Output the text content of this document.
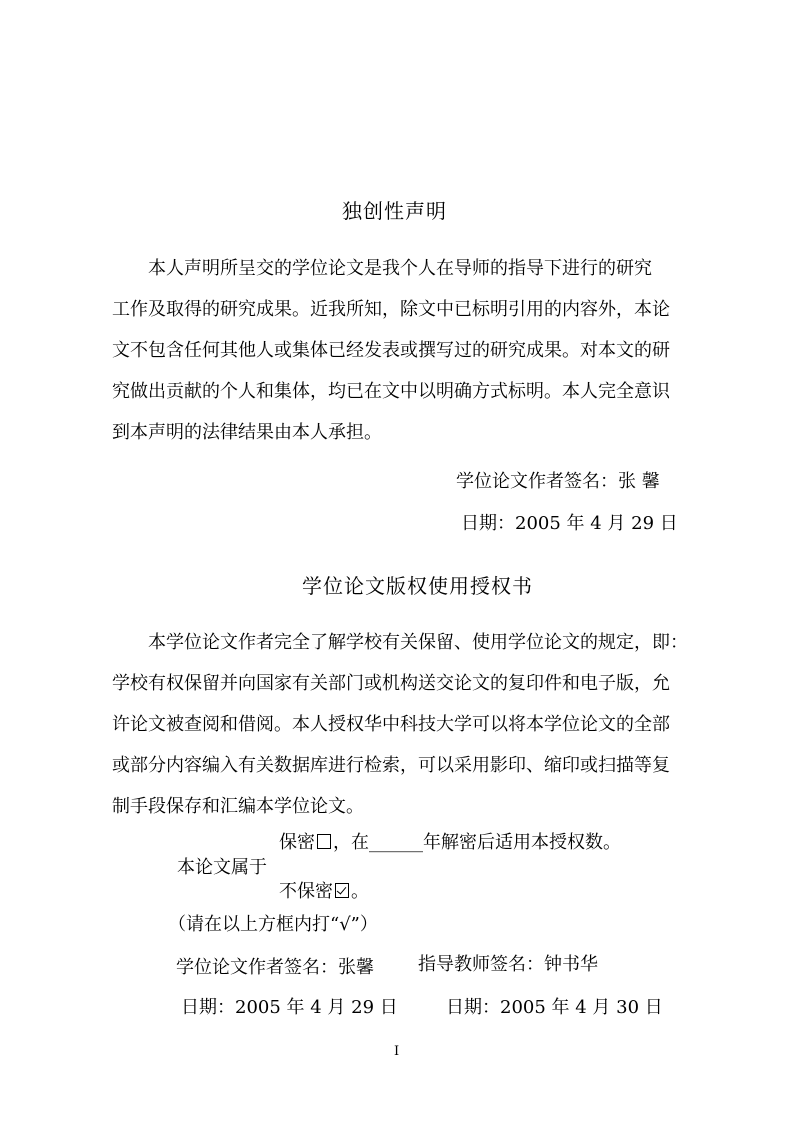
独创性声明
本人声明所呈交的学位论文是我个人在导师的指导下进行的研究
工作及取得的研究成果。近我所知，除文中已标明引用的内容外，本论
文不包含任何其他人或集体已经发表或撰写过的研究成果。对本文的研
究做出贡献的个人和集体，均已在文中以明确方式标明。本人完全意识
到本声明的法律结果由本人承担。
学位论文作者签名：张 馨
日期：2005 年 4 月 29 日
学位论文版权使用授权书
本学位论文作者完全了解学校有关保留、使用学位论文的规定，即：
学校有权保留并向国家有关部门或机构送交论文的复印件和电子版，允
许论文被查阅和借阅。本人授权华中科技大学可以将本学位论文的全部
或部分内容编入有关数据库进行检索，可以采用影印、缩印或扫描等复
制手段保存和汇编本学位论文。
保密 ，在______年解密后适用本授权数。
本论文属于
不保密 。
（请在以上方框内打“√”）
学位论文作者签名：张馨 指导教师签名：钟书华
日期：2005 年 4 月 29 日	日期：2005 年 4 月 30 日
I
